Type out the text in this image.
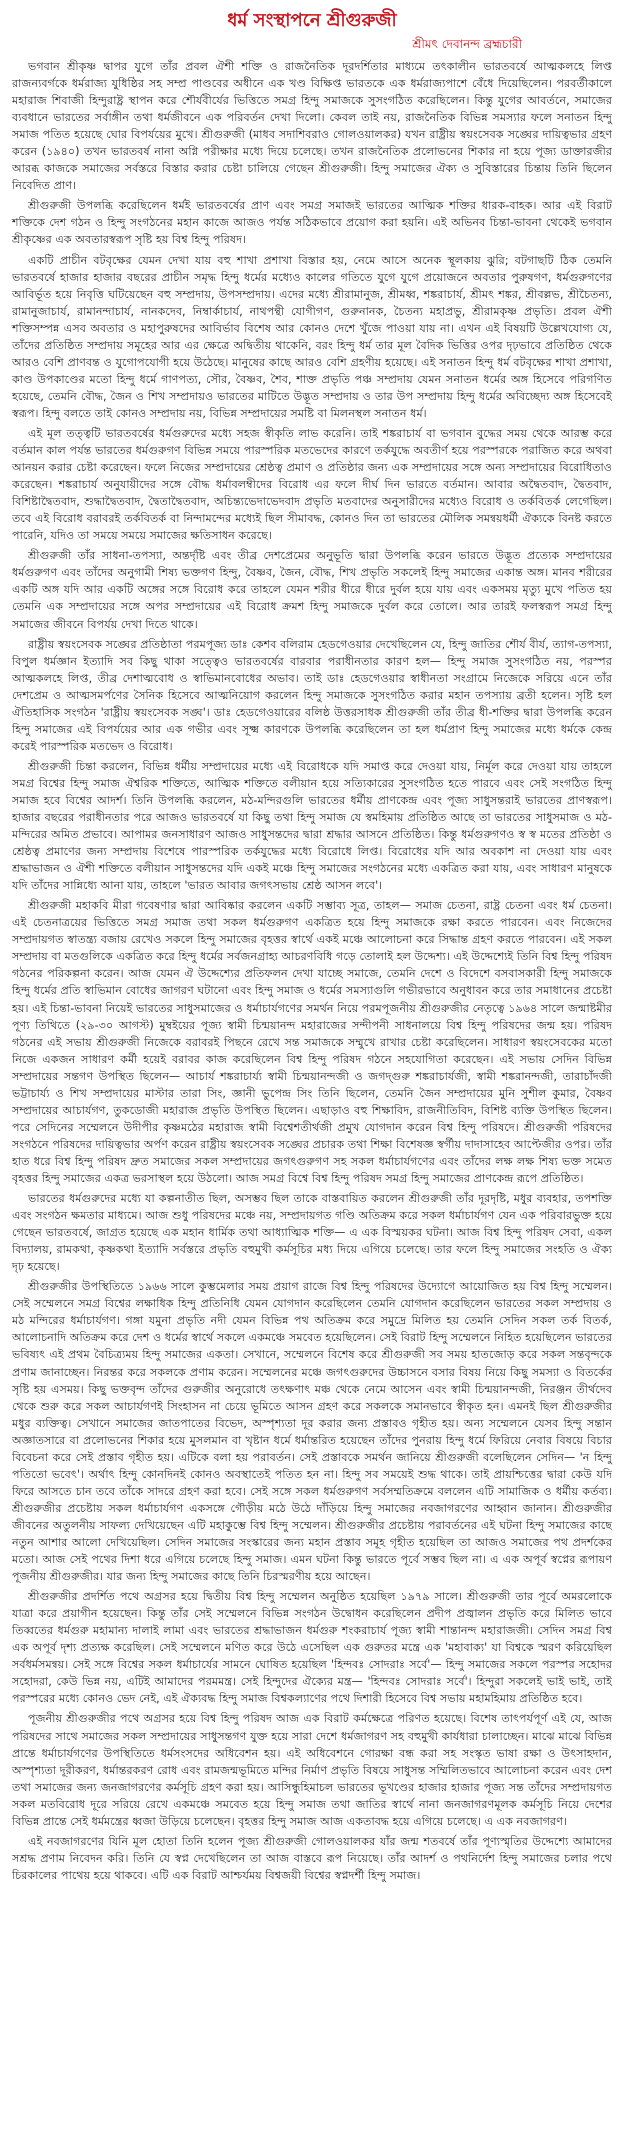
ধর্ম সংস্থাপনে শ্রীগুরুজী
শ্রীমৎ দেবানন্দ ব্রহ্মচারী

ভগবান শ্রীকৃষ্ণ দ্বাপর যুগে তাঁর প্রবল ঐশী শক্তি ও রাজনৈতিক দূরদর্শিতার মাধ্যমে তৎকালীন ভারতবর্ষে আত্মকলহে লিপ্ত রাজন্যবর্গকে ধর্মরাজ্য যুধিষ্ঠির সহ সম্প্র পাণ্ডবের অধীনে এক খণ্ড বিক্ষিপ্ত ভারতকে এক ধর্মরাজ্যপাশে বেঁধে দিয়েছিলেন। পরবর্তীকালে মহারাজ শিবাজী হিন্দুরাষ্ট্র স্থাপন করে শৌর্যবীর্যের ভিত্তিতে সমগ্র হিন্দু সমাজকে সুসংগঠিত করেছিলেন। কিন্তু যুগের আবর্তনে, সমাজের ব্যবধানে ভারতের সর্বাঙ্গীন তথা ধর্মজীবনে এক পরিবর্তন দেখা দিলো। কেবল তাই নয়, রাজনৈতিক বিভিন্ন সমস্যার ফলে সনাতন হিন্দু সমাজ পতিত হয়েছে ঘোর বিপর্যয়ের মুখে। শ্রীগুরুজী (মাধব সদাশিবরাও গোলওয়ালকর) যখন রাষ্ট্রীয় স্বয়ংসেবক সঙ্ঘের দায়িত্বভার গ্রহণ করেন (১৯৪০) তখন ভারতবর্ষ নানা অগ্নি পরীক্ষার মধ্যে দিয়ে চলেছে। তখন রাজনৈতিক প্রলোভনের শিকার না হয়ে পূজ্য ডাক্তারজীর আরব্ধ কাজকে সমাজের সর্বস্তরে বিস্তার করার চেষ্টা চালিয়ে গেছেন শ্রীগুরুজী। হিন্দু সমাজের ঐক্য ও সুবিস্তারের চিন্তায় তিনি ছিলেন নিবেদিত প্রাণ।

শ্রীগুরুজী উপলব্ধি করেছিলেন ধর্মই ভারতবর্ষের প্রাণ এবং সমগ্র সমাজই ভারতের আত্মিক শক্তির ধারক-বাহক। আর এই বিরাট শক্তিকে দেশ গঠন ও হিন্দু সংগঠনের মহান কাজে আজও পর্যন্ত সঠিকভাবে প্রয়োগ করা হয়নি। এই অভিনব চিন্তা-ভাবনা থেকেই ভগবান শ্রীকৃষ্ণের এক অবতারস্বরূপ সৃষ্টি হয় বিশ্ব হিন্দু পরিষদ।

একটি প্রাচীন বটবৃক্ষের যেমন দেখা যায় বহু শাখা প্রশাখা বিস্তার হয়, নেমে আসে অনেক স্থূলকায় ঝুরি; বটগাছটি ঠিক তেমনি ভারতবর্ষে হাজার হাজার বছরের প্রাচীন সমৃদ্ধ হিন্দু ধর্মের মধ্যেও কালের গতিতে যুগে যুগে প্রয়োজনে অবতার পুরুষগণ, ধর্মগুরুগণের আবির্ভূত হয়ে নিবৃত্তি ঘটিয়েছেন বহু সম্প্রদায়, উপসম্প্রদায়। এদের মধ্যে শ্রীরামানুজ, শ্রীমধ্ব, শঙ্করাচার্য, শ্রীমৎ শঙ্কর, শ্রীবল্লভ, শ্রীচৈতন্য, রামানুজাচার্য, রামানন্দাচার্য, নানকদেব, নিম্বার্কাচার্য, নাথপন্থী যোগীগণ, গুরুনানক, চৈতন্য মহাপ্রভু, শ্রীরামকৃষ্ণ প্রভৃতি। প্রবল ঐশী শক্তিসম্পন্ন এসব অবতার ও মহাপুরুষদের আবির্ভাব বিশেষ আর কোনও দেশে খুঁজে পাওয়া যায় না। এখন এই বিষয়টি উল্লেখযোগ্য যে, তাঁদের প্রতিষ্ঠিত সম্প্রদায় সমূহের আর এর ক্ষেত্রে অদ্বিতীয় থাকেনি, বরং হিন্দু ধর্ম তার মূল বৈদিক ভিত্তির ওপর দৃঢ়ভাবে প্রতিষ্ঠিত থেকে আরও বেশি প্রাণবন্ত ও যুগোপযোগী হয়ে উঠেছে। মানুষের কাছে আরও বেশি গ্রহণীয় হয়েছে। এই সনাতন হিন্দু ধর্ম বটবৃক্ষের শাখা প্রশাখা, কাণ্ড উপকাণ্ডের মতো হিন্দু ধর্মে গাণপত্য, সৌর, বৈষ্ণব, শৈব, শাক্ত প্রভৃতি পঞ্চ সম্প্রদায় যেমন সনাতন ধর্মের অঙ্গ হিসেবে পরিগণিত হয়েছে, তেমনি বৌদ্ধ, জৈন ও শিখ সম্প্রদায়ও ভারতের মাটিতে উদ্ভূত সম্প্রদায় ও তার উপ সম্প্রদায় হিন্দু ধর্মের অবিচ্ছেদ্য অঙ্গ হিসেবেই স্বরূপ। হিন্দু বলতে তাই কোনও সম্প্রদায় নয়, বিভিন্ন সম্প্রদায়ের সমষ্টি বা মিলনস্থল সনাতন ধর্ম।

এই মূল তত্ত্বটি ভারতবর্ষের ধর্মগুরুদের মধ্যে সহজ স্বীকৃতি লাভ করেনি। তাই শঙ্করাচার্য বা ভগবান বুদ্ধের সময় থেকে আরম্ভ করে বর্তমান কাল পর্যন্ত ভারতের ধর্মগুরুগণ বিভিন্ন সময়ে পারস্পরিক মতভেদের কারণে তর্কযুদ্ধে অবতীর্ণ হয়ে পরস্পরকে পরাজিত করে অথবা আনয়ন করার চেষ্টা করেছেন। ফলে নিজের সম্প্রদায়ের শ্রেষ্ঠত্ব প্রমাণ ও প্রতিষ্ঠার জন্য এক সম্প্রদায়ের সঙ্গে অন্য সম্প্রদায়ের বিরোধিতাও করেছেন। শঙ্করাচার্য অনুযায়ীদের সঙ্গে বৌদ্ধ ধর্মাবলম্বীদের বিরোধ এর ফলে দীর্ঘ দিন ভারতে বর্তমান। আবার অদ্বৈতবাদ, দ্বৈতবাদ, বিশিষ্টাদ্বৈতবাদ, শুদ্ধাদ্বৈতবাদ, দ্বৈতাদ্বৈতবাদ, অচিন্ত্যভেদাভেদবাদ প্রভৃতি মতবাদের অনুসারীদের মধ্যেও বিরোধ ও তর্কবিতর্ক লেগেছিল। তবে এই বিরোধ বরাবরই তর্কবিতর্ক বা নিন্দামন্দের মধ্যেই ছিল সীমাবদ্ধ, কোনও দিন তা ভারতের মৌলিক সমন্বয়ধর্মী ঐক্যকে বিনষ্ট করতে পারেনি, যদিও তা সময়ে সময়ে সমাজের ক্ষতিসাধন করেছে।

শ্রীগুরুজী তাঁর সাধনা-তপস্যা, অন্তর্দৃষ্টি এবং তীব্র দেশপ্রেমের অনুভূতি দ্বারা উপলব্ধি করেন ভারতে উদ্ভূত প্রত্যেক সম্প্রদায়ের ধর্মগুরুগণ এবং তাঁদের অনুগামী শিষ্য ভক্তগণ হিন্দু, বৈষ্ণব, জৈন, বৌদ্ধ, শিখ প্রভৃতি সকলেই হিন্দু সমাজের একান্ত অঙ্গ। মানব শরীরের একটি অঙ্গ যদি আর একটি অঙ্গের সঙ্গে বিরোধ করে তাহলে যেমন শরীর ধীরে ধীরে দুর্বল হয়ে যায় এবং একসময় মৃত্যু মুখে পতিত হয় তেমনি এক সম্প্রদায়ের সঙ্গে অপর সম্প্রদায়ের এই বিরোধ ক্রমশ হিন্দু সমাজকে দুর্বল করে তোলে। আর তারই ফলস্বরূপ সমগ্র হিন্দু সমাজের জীবনে বিপর্যয় দেখা দিতে থাকে।

রাষ্ট্রীয় স্বয়ংসেবক সঙ্ঘের প্রতিষ্ঠাতা পরমপূজ্য ডাঃ কেশব বলিরাম হেডগেওয়ার দেখেছিলেন যে, হিন্দু জাতির শৌর্য বীর্য, ত্যাগ-তপস্যা, বিপুল ধর্মজ্ঞান ইত্যাদি সব কিছু থাকা সত্ত্বেও ভারতবর্ষের বারবার পরাধীনতার কারণ হল— হিন্দু সমাজ সুসংগঠিত নয়, পরস্পর আত্মকলহে লিপ্ত, তীব্র দেশাত্মবোধ ও স্বাভিমানবোধের অভাব। তাই ডাঃ হেডগেওয়ার স্বাধীনতা সংগ্রামে নিজেকে সরিয়ে এনে তাঁর দেশপ্রেম ও আত্মসমর্পণের সৈনিক হিসেবে আত্মনিয়োগ করলেন হিন্দু সমাজকে সুসংগঠিত করার মহান তপস্যায় ব্রতী হলেন। সৃষ্টি হল ঐতিহাসিক সংগঠন 'রাষ্ট্রীয় স্বয়ংসেবক সঙ্ঘ'। ডাঃ হেডগেওয়ারের বলিষ্ঠ উত্তরসাধক শ্রীগুরুজী তাঁর তীব্র ধী-শক্তির দ্বারা উপলব্ধি করেন হিন্দু সমাজের এই বিপর্যয়ের আর এক গভীর এবং সূক্ষ্ম কারণকে উপলব্ধি করেছিলেন তা হল ধর্মপ্রাণ হিন্দু সমাজের মধ্যে ধর্মকে কেন্দ্র করেই পারস্পরিক মতভেদ ও বিরোধ।

শ্রীগুরুজী চিন্তা করলেন, বিভিন্ন ধর্মীয় সম্প্রদায়ের মধ্যে এই বিরোধকে যদি সমাপ্ত করে দেওয়া যায়, নির্মূল করে দেওয়া যায় তাহলে সমগ্র বিশ্বের হিন্দু সমাজ ঐশ্বরিক শক্তিতে, আত্মিক শক্তিতে বলীয়ান হয়ে সত্যিকারের সুসংগঠিত হতে পারবে এবং সেই সংগঠিত হিন্দু সমাজ হবে বিশ্বের আদর্শ। তিনি উপলব্ধি করলেন, মঠ-মন্দিরগুলি ভারতের ধর্মীয় প্রাণকেন্দ্র এবং পূজ্য সাধুসন্তরাই ভারতের প্রাণস্বরূপ। হাজার বছরের পরাধীনতার পরে আজও ভারতবর্ষে যা কিছু তথা হিন্দু সমাজ যে স্বমহিমায় প্রতিষ্ঠিত আছে তা ভারতের সাধুসমাজ ও মঠ-মন্দিরের অমিত প্রভাবে। আপামর জনসাধারণ আজও সাধুসন্তদের দ্বারা শ্রদ্ধার আসনে প্রতিষ্ঠিত। কিন্তু ধর্মগুরুগণও স্ব স্ব মতের প্রতিষ্ঠা ও শ্রেষ্ঠত্ব প্রমাণের জন্য সম্প্রদায় বিশেষে পারস্পরিক তর্কযুদ্ধের মধ্যে বিরোধে লিপ্ত। বিরোধের যদি আর অবকাশ না দেওয়া যায় এবং শ্রদ্ধাভাজন ও ঐশী শক্তিতে বলীয়ান সাধুসন্তদের যদি একই মঞ্চে হিন্দু সমাজের সংগঠনের মধ্যে একত্রিত করা যায়, এবং সাধারণ মানুষকে যদি তাঁদের সান্নিধ্যে আনা যায়, তাহলে 'ভারত আবার জগৎসভায় শ্রেষ্ঠ আসন লবে'।

শ্রীগুরুজী মহাকবি মীরা গবেষণার দ্বারা আবিষ্কার করলেন একটি সম্ভাব্য সূত্র, তাহল— সমাজ চেতনা, রাষ্ট্র চেতনা এবং ধর্ম চেতনা। এই চেতনাত্রয়ের ভিত্তিতে সমগ্র সমাজ তথা সকল ধর্মগুরুগণ একত্রিত হয়ে হিন্দু সমাজকে রক্ষা করতে পারবেন। এবং নিজেদের সম্প্রদায়গত স্বাতন্ত্র্য বজায় রেখেও সকলে হিন্দু সমাজের বৃহত্তর স্বার্থে একই মঞ্চে আলোচনা করে সিদ্ধান্ত গ্রহণ করতে পারবেন। এই সকল সম্প্রদায় বা মতগুলিকে একত্রিত করে হিন্দু ধর্মের সর্বজনগ্রাহ্য আচরণবিধি গড়ে তোলাই হল উদ্দেশ্য। এই উদ্দেশ্যেই তিনি বিশ্ব হিন্দু পরিষদ গঠনের পরিকল্পনা করেন। আজ যেমন ঐ উদ্দেশ্যের প্রতিফলন দেখা যাচ্ছে সমাজে, তেমনি দেশে ও বিদেশে বসবাসকারী হিন্দু সমাজকে হিন্দু ধর্মের প্রতি স্বাভিমান বোধের জাগরণ ঘটানো এবং হিন্দু সমাজ ও ধর্মের সমস্যাগুলি গভীরভাবে অনুধাবন করে তার সমাধানের প্রচেষ্টা হয়। এই চিন্তা-ভাবনা নিয়েই ভারতের সাধুসমাজের ও ধর্মাচার্যগণের সমর্থন নিয়ে পরমপূজনীয় শ্রীগুরুজীর নেতৃত্বে ১৯৬৪ সালে জন্মাষ্টমীর পূণ্য তিথিতে (২৯-৩০ আগস্ট) মুম্বইয়ের পূজ্য স্বামী চিন্ময়ানন্দ মহারাজের সন্দীপনী সাধনালয়ে বিশ্ব হিন্দু পরিষদের জন্ম হয়। পরিষদ গঠনের এই সভায় শ্রীগুরুজী নিজেকে বরাবরই পিছনে রেখে সন্ত সমাজকে সম্মুখে রাখার চেষ্টা করেছিলেন। সাধারণ স্বয়ংসেবকের মতো নিজে একজন সাধারণ কর্মী হয়েই বরাবর কাজ করেছিলেন বিশ্ব হিন্দু পরিষদ গঠনে সহযোগিতা করেছেন। এই সভায় সেদিন বিভিন্ন সম্প্রদায়ের সন্তগণ উপস্থিত ছিলেন— আচার্য শঙ্করাচার্য্য স্বামী চিন্ময়ানন্দজী ও জগদ্গুরু শঙ্করাচার্যজী, স্বামী শঙ্করানন্দজী, তারাচাঁদজী ভট্টাচার্য্য ও শিখ সম্প্রদায়ের মাস্টার তারা সিং, জ্ঞানী ভুপেন্দ্র সিং তিনি ছিলেন, তেমনি জৈন সম্প্রদায়ের মুনি সুশীল কুমার, বৈষ্ণব সম্প্রদায়ের আচার্যগণ, তুকডোজী মহারাজ প্রভৃতি উপস্থিত ছিলেন। এছাড়াও বহু শিক্ষাবিদ, রাজনীতিবিদ, বিশিষ্ট ব্যক্তি উপস্থিত ছিলেন। পরে সেদিনের সম্মেলনে উদীপীর কৃষ্ণমঠের মহারাজ স্বামী বিশ্বেশতীর্থজী প্রমুখ যোগদান করেন বিশ্ব হিন্দু পরিষদে। শ্রীগুরুজী পরিষদের সংগঠনে পরিষদের দায়িত্বভার অর্পণ করেন রাষ্ট্রীয় স্বয়ংসেবক সঙ্ঘের প্রচারক তথা শিক্ষা বিশেষজ্ঞ স্বর্গীয় দাদাসাহেব আপ্টেজীর ওপর। তাঁর হাত ধরে বিশ্ব হিন্দু পরিষদ দ্রুত সমাজের সকল সম্প্রদায়ের জগৎগুরুগণ সহ সকল ধর্মাচার্যগণের এবং তাঁদের লক্ষ লক্ষ শিষ্য ভক্ত সমেত বৃহত্তর হিন্দু সমাজের একত্র ভরসাস্থল হয়ে উঠলো। আজ সমগ্র বিশ্বে বিশ্ব হিন্দু পরিষদ সমগ্র হিন্দু সমাজের প্রাণকেন্দ্র রূপে প্রতিষ্ঠিত।

ভারতের ধর্মগুরুদের মধ্যে যা কল্পনাতীত ছিল, অসম্ভব ছিল তাকে বাস্তবায়িত করলেন শ্রীগুরুজী তাঁর দূরদৃষ্টি, মধুর ব্যবহার, তপশক্তি এবং সংগঠন ক্ষমতার মাধ্যমে। আজ শুধু পরিষদের মঞ্চে নয়, সম্প্রদায়গত গণ্ডি অতিক্রম করে সকল ধর্মাচার্যগণ যেন এক পরিবারভুক্ত হয়ে গেছেন ভারতবর্ষে, জাগ্রত হয়েছে এক মহান ধার্মিক তথা আধ্যাত্মিক শক্তি— এ এক বিস্ময়কর ঘটনা। আজ বিশ্ব হিন্দু পরিষদ সেবা, একল বিদ্যালয়, রামকথা, কৃষ্ণকথা ইত্যাদি সর্বস্তরে প্রভৃতি বহুমুখী কর্মসূচির মধ্য দিয়ে এগিয়ে চলেছে। তার ফলে হিন্দু সমাজের সংহতি ও ঐক্য দৃঢ় হয়েছে।

শ্রীগুরুজীর উপস্থিতিতে ১৯৬৬ সালে কুম্ভমেলার সময় প্রয়াগ রাজে বিশ্ব হিন্দু পরিষদের উদ্যোগে আয়োজিত হয় বিশ্ব হিন্দু সম্মেলন। সেই সম্মেলনে সমগ্র বিশ্বের লক্ষাধিক হিন্দু প্রতিনিধি যেমন যোগদান করেছিলেন তেমনি যোগদান করেছিলেন ভারতের সকল সম্প্রদায় ও মঠ মন্দিরের ধর্মাচার্যগণ। গঙ্গা যমুনা প্রভৃতি নদী যেমন বিভিন্ন পথ অতিক্রম করে সমুদ্রে মিলিত হয় তেমনি সেদিন সকল তর্ক বিতর্ক, আলোচনাদি অতিক্রম করে দেশ ও ধর্মের স্বার্থে সকলে একমঞ্চে সমবেত হয়েছিলেন। সেই বিরাট হিন্দু সম্মেলনে নিহিত হয়েছিলেন ভারতের ভবিষ্যৎ এই প্রথম বৈচিত্র্যময় হিন্দু সমাজের একতা। সেখানে, সম্মেলনে বিশেষ করে শ্রীগুরুজী সব সময় হাতজোড় করে সকল সন্তবৃন্দকে প্রণাম জানাচ্ছেন। নিরন্তর করে সকলকে প্রণাম করেন। সম্মেলনের মঞ্চে জগৎগুরুদের উচ্চাসনে বসার বিষয় নিয়ে কিছু সমস্যা ও বিতর্কের সৃষ্টি হয় এসময়। কিছু ভক্তবৃন্দ তাঁদের গুরুজীর অনুরোধে তৎক্ষণাৎ মঞ্চ থেকে নেমে আসেন এবং স্বামী চিন্ময়ানন্দজী, নিরঞ্জন তীর্থদেব থেকে শুরু করে সকল আচার্যগণই সিংহাসন না চেয়ে ভূমিতে আসন গ্রহণ করে সকলকে সমানভাবে স্বীকৃত হন। এমনই ছিল শ্রীগুরুজীর মধুর ব্যক্তিত্ব। সেখানে সমাজের জাতপাতের বিভেদ, অস্পৃশ্যতা দূর করার জন্য প্রস্তাবও গৃহীত হয়। অন্য সম্মেলনে যেসব হিন্দু সন্তান অজ্ঞাতসারে বা প্রলোভনের শিকার হয়ে মুসলমান বা খৃষ্টান ধর্মে ধর্মান্তরিত হয়েছেন তাঁদের পুনরায় হিন্দু ধর্মে ফিরিয়ে নেবার বিষয়ে বিচার বিবেচনা করে সেই প্রস্তাব গৃহীত হয়। এটিকে বলা হয় পরাবর্তন। সেই প্রস্তাবকে সমর্থন জানিয়ে শ্রীগুরুজী বলেছিলেন সেদিন— 'ন হিন্দু পতিতো ভবেৎ'। অর্থাৎ হিন্দু কোনদিনই কোনও অবস্থাতেই পতিত হন না। হিন্দু সব সময়েই শুদ্ধ থাকে। তাই প্রায়শ্চিত্তের দ্বারা কেউ যদি ফিরে আসতে চান তবে তাঁকে সাদরে গ্রহণ করা হবে। সেই সঙ্গে সকল ধর্মগুরুগণ সর্বসম্মতিক্রমে বললেন এটি সামাজিক ও ধর্মীয় কর্তব্য। শ্রীগুরুজীর প্রচেষ্টায় সকল ধর্মাচার্যগণ একসঙ্গে গৌড়ীয় মঠে উঠে দাঁড়িয়ে হিন্দু সমাজের নবজাগরণের আহ্বান জানান। শ্রীগুরুজীর জীবনের অতুলনীয় সাফল্য দেখিয়েছেন এটি মহাকুম্ভে বিশ্ব হিন্দু সম্মেলন। শ্রীগুরুজীর প্রচেষ্টায় পরাবর্তনের এই ঘটনা হিন্দু সমাজের কাছে নতুন আশার আলো দেখিয়েছিল। সেদিন সমাজের সংস্কারের জন্য মহান প্রস্তাব সমূহ গৃহীত হয়েছিল তা আজও সমাজের পথ প্রদর্শকের মতো। আজ সেই পথের দিশা ধরে এগিয়ে চলেছে হিন্দু সমাজ। এমন ঘটনা কিন্তু ভারতে পূর্বে সম্ভব ছিল না। এ এক অপূর্ব স্বপ্নের রূপায়ণ পূজনীয় শ্রীগুরুজীর। যার জন্য হিন্দু সমাজের কাছে তিনি চিরস্মরণীয় হয়ে আছেন।

শ্রীগুরুজীর প্রদর্শিত পথে অগ্রসর হয়ে দ্বিতীয় বিশ্ব হিন্দু সম্মেলন অনুষ্ঠিত হয়েছিল ১৯৭৯ সালে। শ্রীগুরুজী তার পূর্বে অমরলোকে যাত্রা করে প্রয়াগীন হয়েছেন। কিন্তু তাঁর সেই সম্মেলনে বিভিন্ন সংগঠন উদ্বোধন করেছিলেন প্রদীপ প্রজ্বালন প্রভৃতি করে মিলিত ভাবে তিব্বতের ধর্মগুরু মহামান্য দালাই লামা এবং ভারতের শ্রদ্ধাভাজন ধর্মগুরু শংকরাচার্য পূজ্য স্বামী শান্তানন্দ মহারাজজী। সেদিন সমগ্র বিশ্ব এক অপূর্ব দৃশ্য প্রত্যক্ষ করেছিল। সেই সম্মেলনে মণিত করে উঠে এসেছিল এক গুরুতর মন্ত্রে এক 'মহাবাক্য' যা বিশ্বকে স্মরণ করিয়েছিল সর্বধর্মসমন্বয়। সেই সঙ্গে বিশ্বের সকল ধর্মাচার্যের সামনে ঘোষিত হয়েছিল 'হিন্দবঃ সোদরাঃ সর্বে'— হিন্দু সমাজের সকলে পরস্পর সহোদর সহোদরা, কেউ ভিন্ন নয়, এটিই আমাদের পরমমন্ত্র। সেই হিন্দুদের ঐক্যের মন্ত্র— 'হিন্দবঃ সোদরাঃ সর্বে'। হিন্দুরা সকলেই ভাই ভাই, তাই পরস্পরের মধ্যে কোনও ভেদ নেই, এই ঐক্যবদ্ধ হিন্দু সমাজ বিশ্বকল্যাণের পথে দিশারী হিসেবে বিশ্ব সভায় মহামহিমায় প্রতিষ্ঠিত হবে।

পূজনীয় শ্রীগুরুজীর পথে অগ্রসর হয়ে বিশ্ব হিন্দু পরিষদ আজ এক বিরাট কর্মক্ষেত্রে পরিণত হয়েছে। বিশেষ তাৎপর্যপূর্ণ এই যে, আজ পরিষদের সাথে সমাজের সকল সম্প্রদায়ের সাধুসন্তগণ যুক্ত হয়ে সারা দেশে ধর্মজাগরণ সহ বহুমুখী কার্যধারা চালাচ্ছেন। মাঝে মাঝে বিভিন্ন প্রান্তে ধর্মাচার্যগণের উপস্থিতিতে ধর্মসংসদের অধিবেশন হয়। এই অধিবেশনে গোরক্ষা বন্ধ করা সহ সংস্কৃত ভাষা রক্ষা ও উৎসাহদান, অস্পৃশ্যতা দূরীকরণ, ধর্মান্তরকরণ রোধ এবং রামজন্মভূমিতে মন্দির নির্মাণ প্রভৃতি বিষয়ে সাধুসন্ত সম্মিলিতভাবে আলোচনা করেন এবং দেশ তথা সমাজের জন্য জনজাগরণের কর্মসূচি গ্রহণ করা হয়। আসিন্ধুহিমাচল ভারতের ভূখণ্ডের হাজার হাজার পূজ্য সন্ত তাঁদের সম্প্রদায়গত সকল মতবিরোধ দূরে সরিয়ে রেখে একমঞ্চে সমবেত হয়ে হিন্দু সমাজ তথা জাতির স্বার্থে নানা জনজাগরণমূলক কর্মসূচি নিয়ে দেশের বিভিন্ন প্রান্তে সেই ধর্মমন্ত্রের ধ্বজা উড়িয়ে চলেছেন। বৃহত্তর হিন্দু সমাজ আজ একতাবদ্ধ হয়ে এগিয়ে চলেছে। এ এক নবজাগরণ।

এই নবজাগরণের যিনি মূল হোতা তিনি হলেন পূজ্য শ্রীগুরুজী গোলওয়ালকর যাঁর জন্ম শতবর্ষে তাঁর পূণ্যস্মৃতির উদ্দেশ্যে আমাদের সশ্রদ্ধ প্রণাম নিবেদন করি। তিনি যে স্বপ্ন দেখেছিলেন তা আজ বাস্তবে রূপ নিয়েছে। তাঁর আদর্শ ও পথনির্দেশ হিন্দু সমাজের চলার পথে চিরকালের পাথেয় হয়ে থাকবে। এটি এক বিরাট আশ্চর্যময় বিশ্বজয়ী বিশ্বের স্বপ্নদর্শী হিন্দু সমাজ।
